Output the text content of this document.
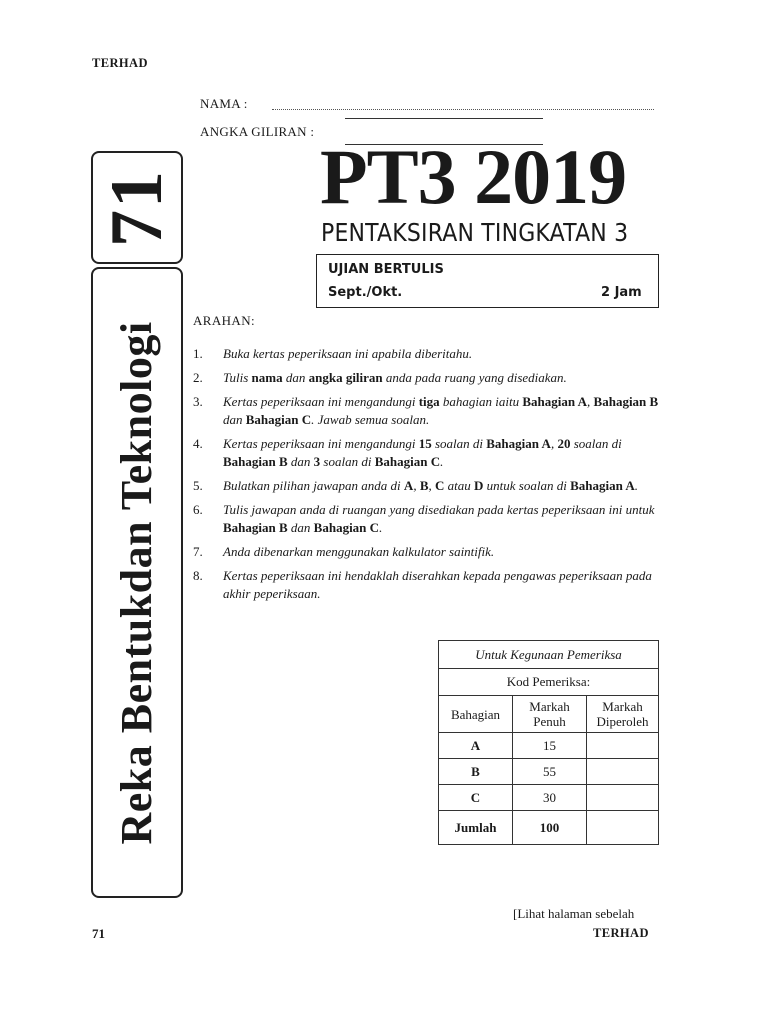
TERHAD
NAMA :
ANGKA GILIRAN :
71
Reka Bentukdan Teknologi
PT3 2019
PENTAKSIRAN TINGKATAN 3
UJIAN BERTULIS
Sept./Okt.	2 Jam
ARAHAN:
1. Buka kertas peperiksaan ini apabila diberitahu.
2. Tulis nama dan angka giliran anda pada ruang yang disediakan.
3. Kertas peperiksaan ini mengandungi tiga bahagian iaitu Bahagian A, Bahagian B dan Bahagian C. Jawab semua soalan.
4. Kertas peperiksaan ini mengandungi 15 soalan di Bahagian A, 20 soalan di Bahagian B dan 3 soalan di Bahagian C.
5. Bulatkan pilihan jawapan anda di A, B, C atau D untuk soalan di Bahagian A.
6. Tulis jawapan anda di ruangan yang disediakan pada kertas peperiksaan ini untuk Bahagian B dan Bahagian C.
7. Anda dibenarkan menggunakan kalkulator saintifik.
8. Kertas peperiksaan ini hendaklah diserahkan kepada pengawas peperiksaan pada akhir peperiksaan.
Untuk Kegunaan Pemeriksa		
Kod Pemeriksa:		
Bahagian	Markah Penuh	Markah Diperoleh
A	15	
B	55	
C	30	
Jumlah	100	
[Lihat halaman sebelah
71	TERHAD
